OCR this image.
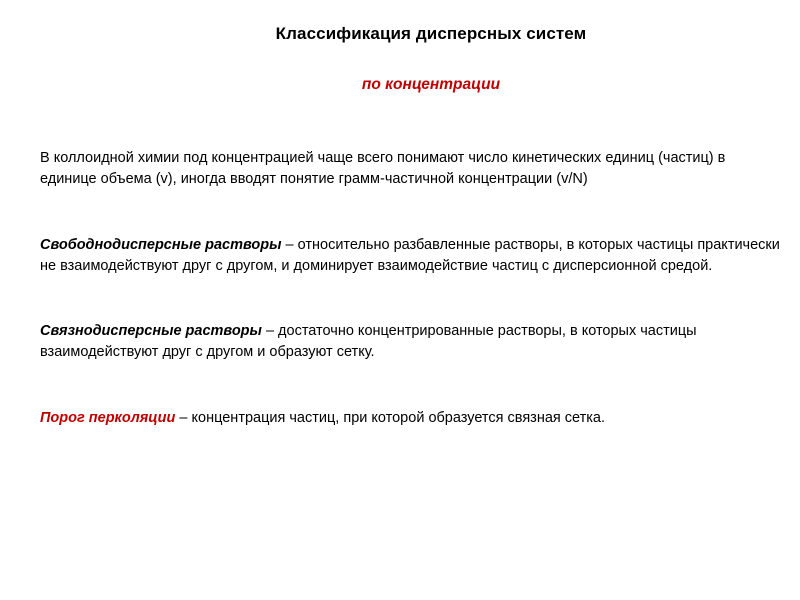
Классификация дисперсных систем
по концентрации
В коллоидной химии под концентрацией чаще всего понимают число кинетических единиц (частиц) в единице объема (v), иногда вводят понятие грамм-частичной концентрации (v/N)
Свободнодисперсные растворы – относительно разбавленные растворы, в которых частицы практически не взаимодействуют друг с другом, и доминирует взаимодействие частиц с дисперсионной средой.
Связнодисперсные растворы – достаточно концентрированные растворы, в которых частицы взаимодействуют друг с другом и образуют сетку.
Порог перколяции – концентрация частиц, при которой образуется связная сетка.
